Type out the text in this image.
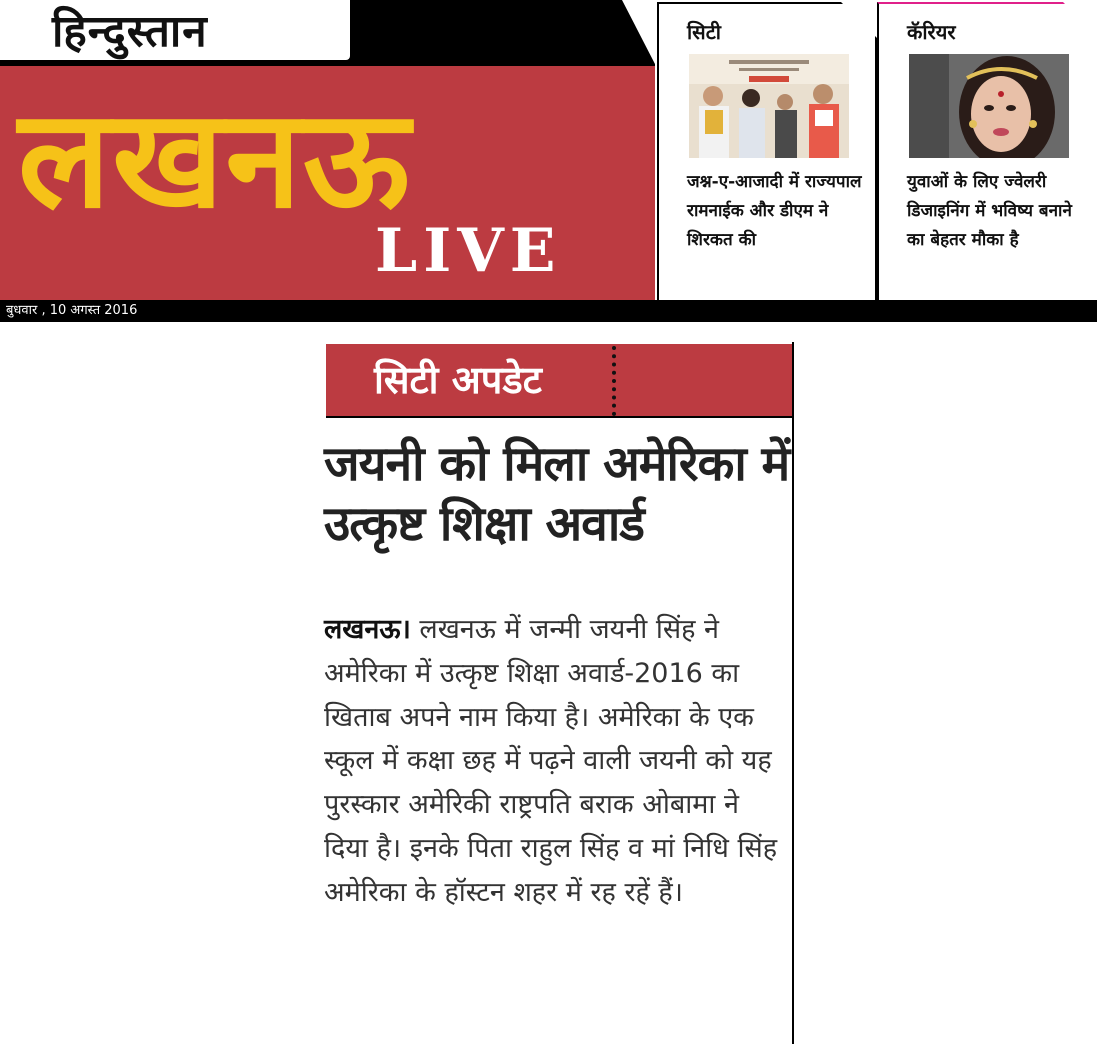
हिन्दुस्तान
लखनऊ
LIVE
सिटी
जश्न-ए-आजादी में राज्यपाल रामनाईक और डीएम ने शिरकत की
कॅरियर
युवाओं के लिए ज्वेलरी डिजाइनिंग में भविष्य बनाने का बेहतर मौका है
बुधवार , 10 अगस्त 2016
सिटी अपडेट
जयनी को मिला अमेरिका में उत्कृष्ट शिक्षा अवार्ड
लखनऊ। लखनऊ में जन्मी जयनी सिंह ने अमेरिका में उत्कृष्ट शिक्षा अवार्ड-2016 का खिताब अपने नाम किया है। अमेरिका के एक स्कूल में कक्षा छह में पढ़ने वाली जयनी को यह पुरस्कार अमेरिकी राष्ट्रपति बराक ओबामा ने दिया है। इनके पिता राहुल सिंह व मां निधि सिंह अमेरिका के हॉस्टन शहर में रह रहें हैं।
